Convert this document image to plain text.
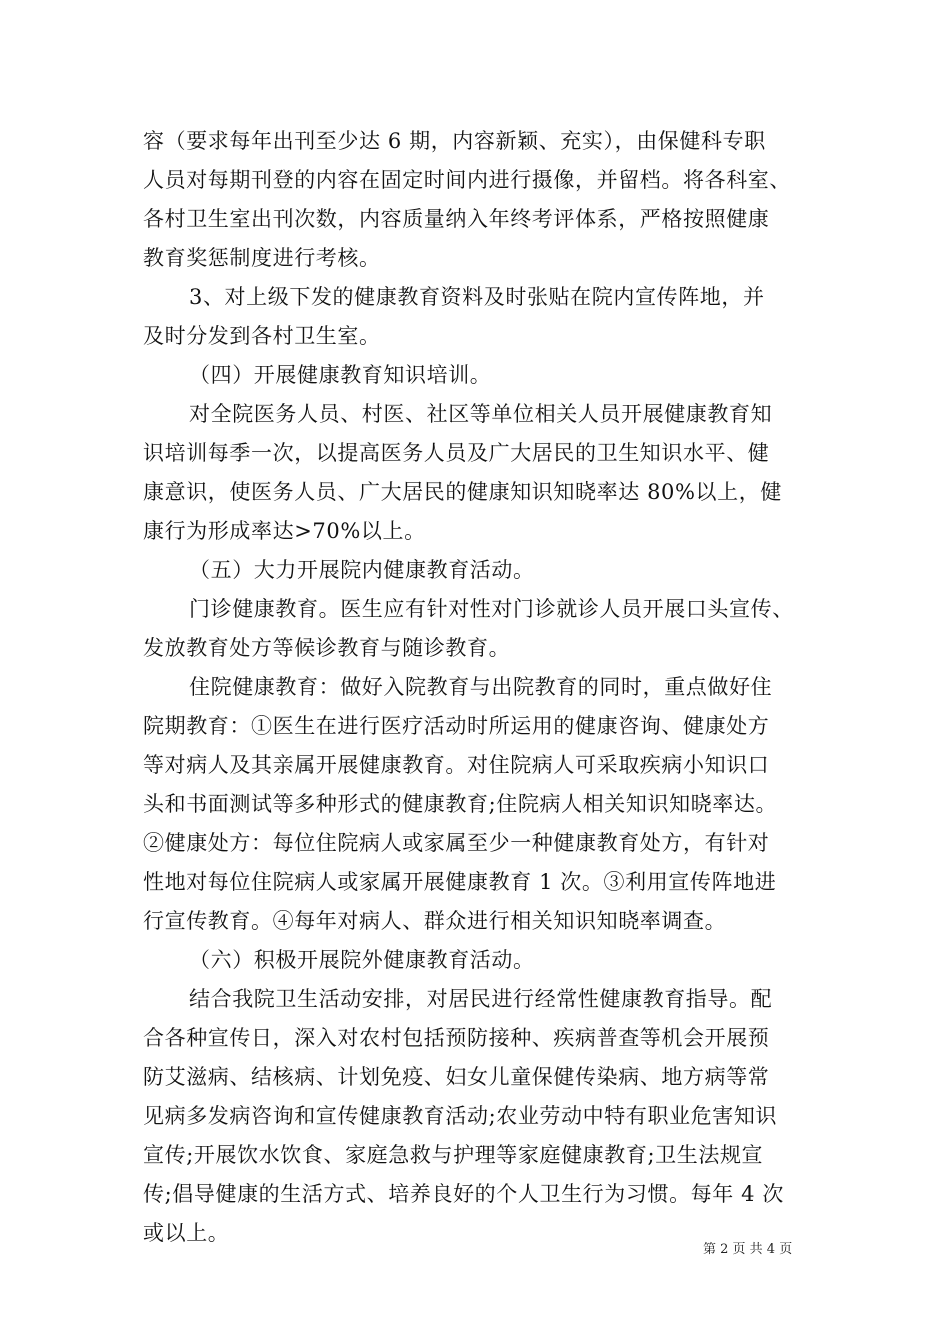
容（要求每年出刊至少达 6 期，内容新颖、充实），由保健科专职
人员对每期刊登的内容在固定时间内进行摄像，并留档。将各科室、
各村卫生室出刊次数，内容质量纳入年终考评体系，严格按照健康
教育奖惩制度进行考核。
3、对上级下发的健康教育资料及时张贴在院内宣传阵地，并
及时分发到各村卫生室。
（四）开展健康教育知识培训。
对全院医务人员、村医、社区等单位相关人员开展健康教育知
识培训每季一次，以提高医务人员及广大居民的卫生知识水平、健
康意识，使医务人员、广大居民的健康知识知晓率达 80%以上，健
康行为形成率达>70%以上。
（五）大力开展院内健康教育活动。
门诊健康教育。医生应有针对性对门诊就诊人员开展口头宣传、
发放教育处方等候诊教育与随诊教育。
住院健康教育：做好入院教育与出院教育的同时，重点做好住
院期教育：①医生在进行医疗活动时所运用的健康咨询、健康处方
等对病人及其亲属开展健康教育。对住院病人可采取疾病小知识口
头和书面测试等多种形式的健康教育;住院病人相关知识知晓率达。
②健康处方：每位住院病人或家属至少一种健康教育处方，有针对
性地对每位住院病人或家属开展健康教育 1 次。③利用宣传阵地进
行宣传教育。④每年对病人、群众进行相关知识知晓率调查。
（六）积极开展院外健康教育活动。
结合我院卫生活动安排，对居民进行经常性健康教育指导。配
合各种宣传日，深入对农村包括预防接种、疾病普查等机会开展预
防艾滋病、结核病、计划免疫、妇女儿童保健传染病、地方病等常
见病多发病咨询和宣传健康教育活动;农业劳动中特有职业危害知识
宣传;开展饮水饮食、家庭急救与护理等家庭健康教育;卫生法规宣
传;倡导健康的生活方式、培养良好的个人卫生行为习惯。每年 4 次
或以上。
第 2 页 共 4 页
